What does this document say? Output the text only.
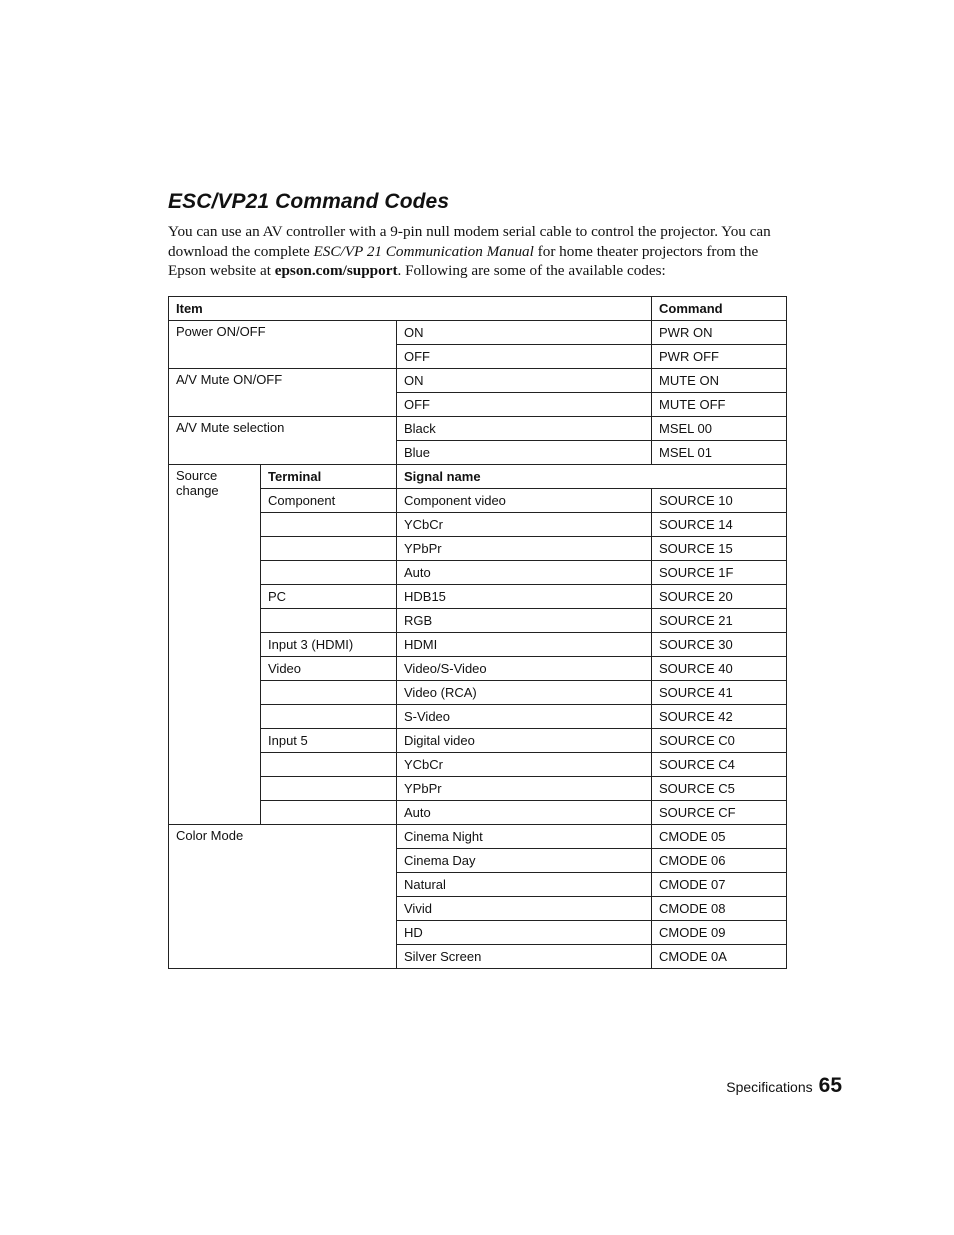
ESC/VP21 Command Codes

You can use an AV controller with a 9-pin null modem serial cable to control the projector. You can download the complete ESC/VP 21 Communication Manual for home theater projectors from the Epson website at epson.com/support. Following are some of the available codes:

Item			Command
Power ON/OFF		ON	PWR ON
		OFF	PWR OFF
A/V Mute ON/OFF		ON	MUTE ON
		OFF	MUTE OFF
A/V Mute selection		Black	MSEL 00
		Blue	MSEL 01
Source change	Terminal	Signal name	
	Component	Component video	SOURCE 10
		YCbCr	SOURCE 14
		YPbPr	SOURCE 15
		Auto	SOURCE 1F
	PC	HDB15	SOURCE 20
		RGB	SOURCE 21
	Input 3 (HDMI)	HDMI	SOURCE 30
	Video	Video/S-Video	SOURCE 40
		Video (RCA)	SOURCE 41
		S-Video	SOURCE 42
	Input 5	Digital video	SOURCE C0
		YCbCr	SOURCE C4
		YPbPr	SOURCE C5
		Auto	SOURCE CF
Color Mode		Cinema Night	CMODE 05
		Cinema Day	CMODE 06
		Natural	CMODE 07
		Vivid	CMODE 08
		HD	CMODE 09
		Silver Screen	CMODE 0A
Specifications 65
